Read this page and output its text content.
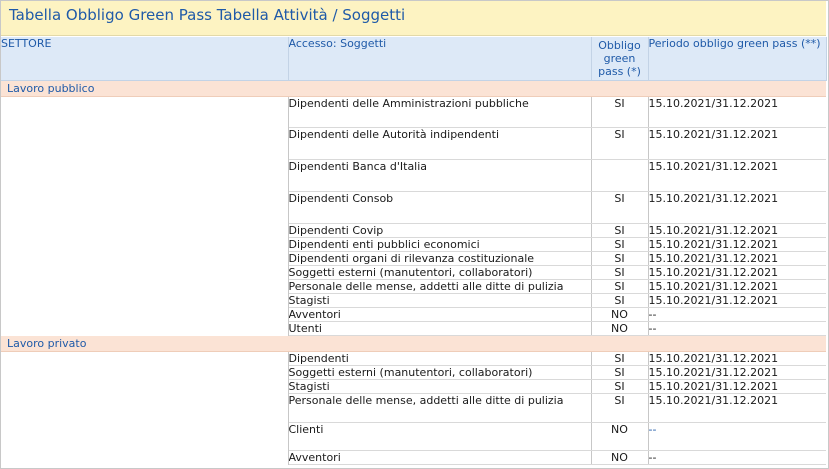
Tabella Obbligo Green Pass Tabella Attività / Soggetti
SETTORE	Accesso: Soggetti	Obbligo green pass (*)	Periodo obbligo green pass (**)
Lavoro pubblico			
	Dipendenti delle Amministrazioni pubbliche	SI	15.10.2021/31.12.2021
	Dipendenti delle Autorità indipendenti	SI	15.10.2021/31.12.2021
	Dipendenti Banca d'Italia		15.10.2021/31.12.2021
	Dipendenti Consob	SI	15.10.2021/31.12.2021
	Dipendenti Covip	SI	15.10.2021/31.12.2021
	Dipendenti enti pubblici economici	SI	15.10.2021/31.12.2021
	Dipendenti organi di rilevanza costituzionale	SI	15.10.2021/31.12.2021
	Soggetti esterni (manutentori, collaboratori)	SI	15.10.2021/31.12.2021
	Personale delle mense, addetti alle ditte di pulizia	SI	15.10.2021/31.12.2021
	Stagisti	SI	15.10.2021/31.12.2021
	Avventori	NO	--
	Utenti	NO	--
Lavoro privato			
	Dipendenti	SI	15.10.2021/31.12.2021
	Soggetti esterni (manutentori, collaboratori)	SI	15.10.2021/31.12.2021
	Stagisti	SI	15.10.2021/31.12.2021
	Personale delle mense, addetti alle ditte di pulizia	SI	15.10.2021/31.12.2021
	Clienti	NO	--
	Avventori	NO	--
